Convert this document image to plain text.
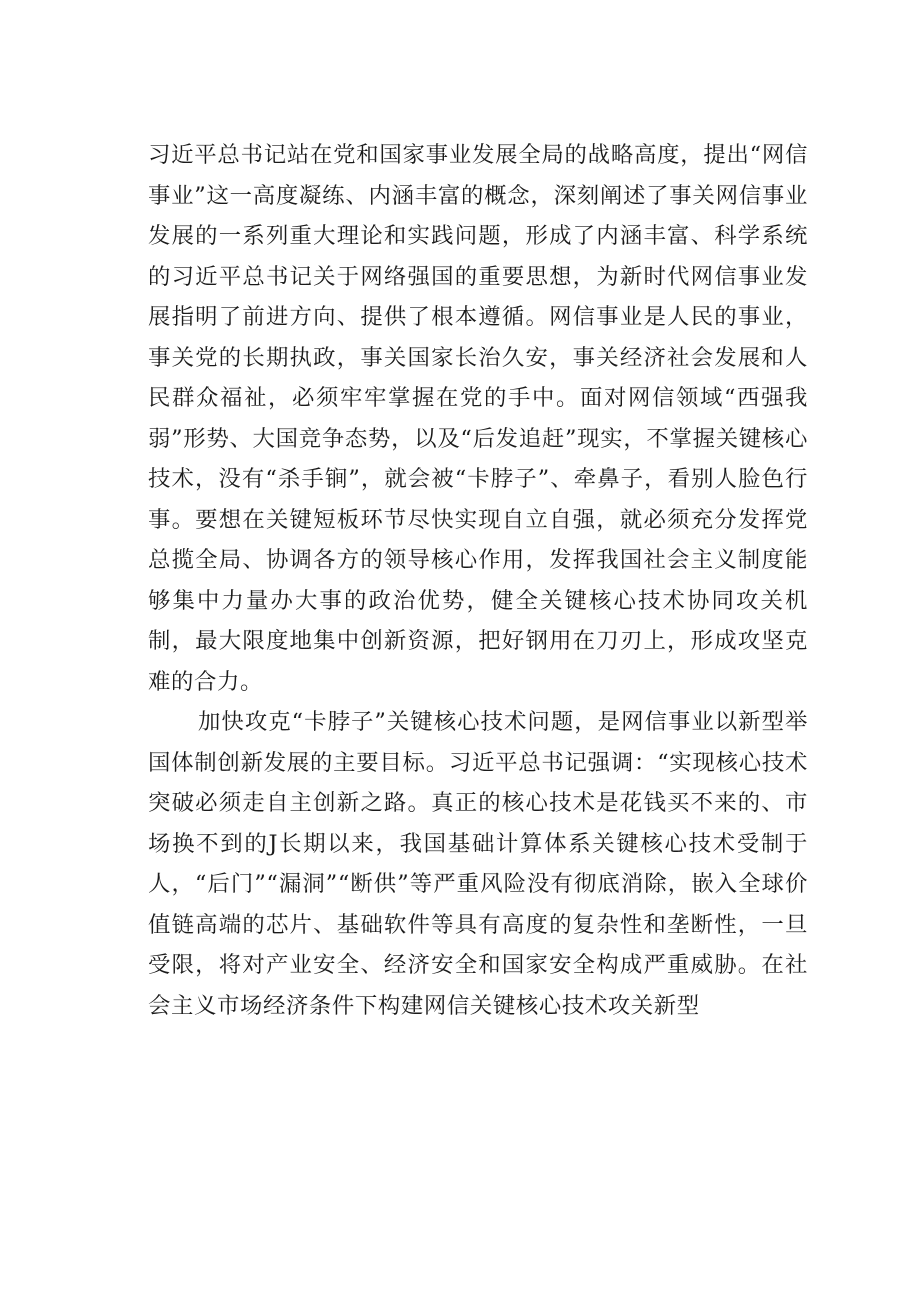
习近平总书记站在党和国家事业发展全局的战略高度，提出“网信事业”这一高度凝练、内涵丰富的概念，深刻阐述了事关网信事业发展的一系列重大理论和实践问题，形成了内涵丰富、科学系统的习近平总书记关于网络强国的重要思想，为新时代网信事业发展指明了前进方向、提供了根本遵循。网信事业是人民的事业，事关党的长期执政，事关国家长治久安，事关经济社会发展和人民群众福祉，必须牢牢掌握在党的手中。面对网信领域“西强我弱”形势、大国竞争态势，以及“后发追赶”现实，不掌握关键核心技术，没有“杀手锏”，就会被“卡脖子”、牵鼻子，看别人脸色行事。要想在关键短板环节尽快实现自立自强，就必须充分发挥党总揽全局、协调各方的领导核心作用，发挥我国社会主义制度能够集中力量办大事的政治优势，健全关键核心技术协同攻关机制，最大限度地集中创新资源，把好钢用在刀刃上，形成攻坚克难的合力。

加快攻克“卡脖子”关键核心技术问题，是网信事业以新型举国体制创新发展的主要目标。习近平总书记强调：“实现核心技术突破必须走自主创新之路。真正的核心技术是花钱买不来的、市场换不到的J长期以来，我国基础计算体系关键核心技术受制于人，“后门”“漏洞”“断供”等严重风险没有彻底消除，嵌入全球价值链高端的芯片、基础软件等具有高度的复杂性和垄断性，一旦受限，将对产业安全、经济安全和国家安全构成严重威胁。在社会主义市场经济条件下构建网信关键核心技术攻关新型
